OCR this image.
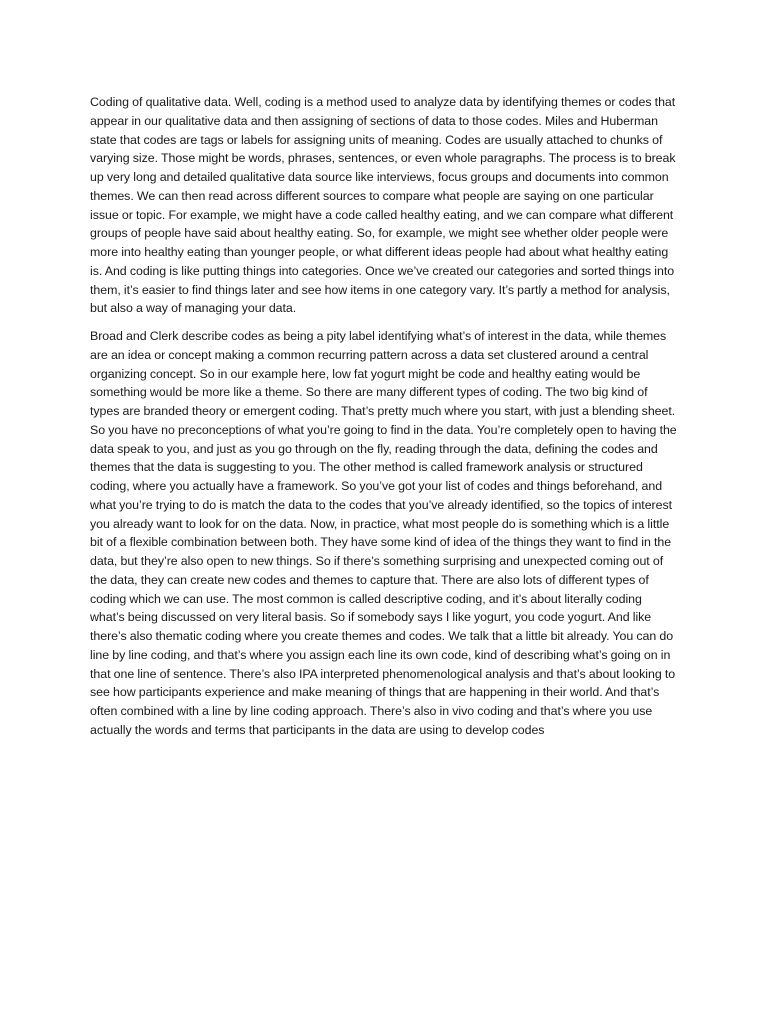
Coding of qualitative data. Well, coding is a method used to analyze data by identifying themes or codes that appear in our qualitative data and then assigning of sections of data to those codes. Miles and Huberman state that codes are tags or labels for assigning units of meaning. Codes are usually attached to chunks of varying size. Those might be words, phrases, sentences, or even whole paragraphs. The process is to break up very long and detailed qualitative data source like interviews, focus groups and documents into common themes. We can then read across different sources to compare what people are saying on one particular issue or topic. For example, we might have a code called healthy eating, and we can compare what different groups of people have said about healthy eating. So, for example, we might see whether older people were more into healthy eating than younger people, or what different ideas people had about what healthy eating is. And coding is like putting things into categories. Once we’ve created our categories and sorted things into them, it’s easier to find things later and see how items in one category vary. It’s partly a method for analysis, but also a way of managing your data.

Broad and Clerk describe codes as being a pity label identifying what’s of interest in the data, while themes are an idea or concept making a common recurring pattern across a data set clustered around a central organizing concept. So in our example here, low fat yogurt might be code and healthy eating would be something would be more like a theme. So there are many different types of coding. The two big kind of types are branded theory or emergent coding. That’s pretty much where you start, with just a blending sheet. So you have no preconceptions of what you’re going to find in the data. You’re completely open to having the data speak to you, and just as you go through on the fly, reading through the data, defining the codes and themes that the data is suggesting to you. The other method is called framework analysis or structured coding, where you actually have a framework. So you’ve got your list of codes and things beforehand, and what you’re trying to do is match the data to the codes that you’ve already identified, so the topics of interest you already want to look for on the data. Now, in practice, what most people do is something which is a little bit of a flexible combination between both. They have some kind of idea of the things they want to find in the data, but they’re also open to new things. So if there’s something surprising and unexpected coming out of the data, they can create new codes and themes to capture that. There are also lots of different types of coding which we can use. The most common is called descriptive coding, and it’s about literally coding what’s being discussed on very literal basis. So if somebody says I like yogurt, you code yogurt. And like there’s also thematic coding where you create themes and codes. We talk that a little bit already. You can do line by line coding, and that’s where you assign each line its own code, kind of describing what’s going on in that one line of sentence. There’s also IPA interpreted phenomenological analysis and that’s about looking to see how participants experience and make meaning of things that are happening in their world. And that’s often combined with a line by line coding approach. There’s also in vivo coding and that’s where you use actually the words and terms that participants in the data are using to develop codes
